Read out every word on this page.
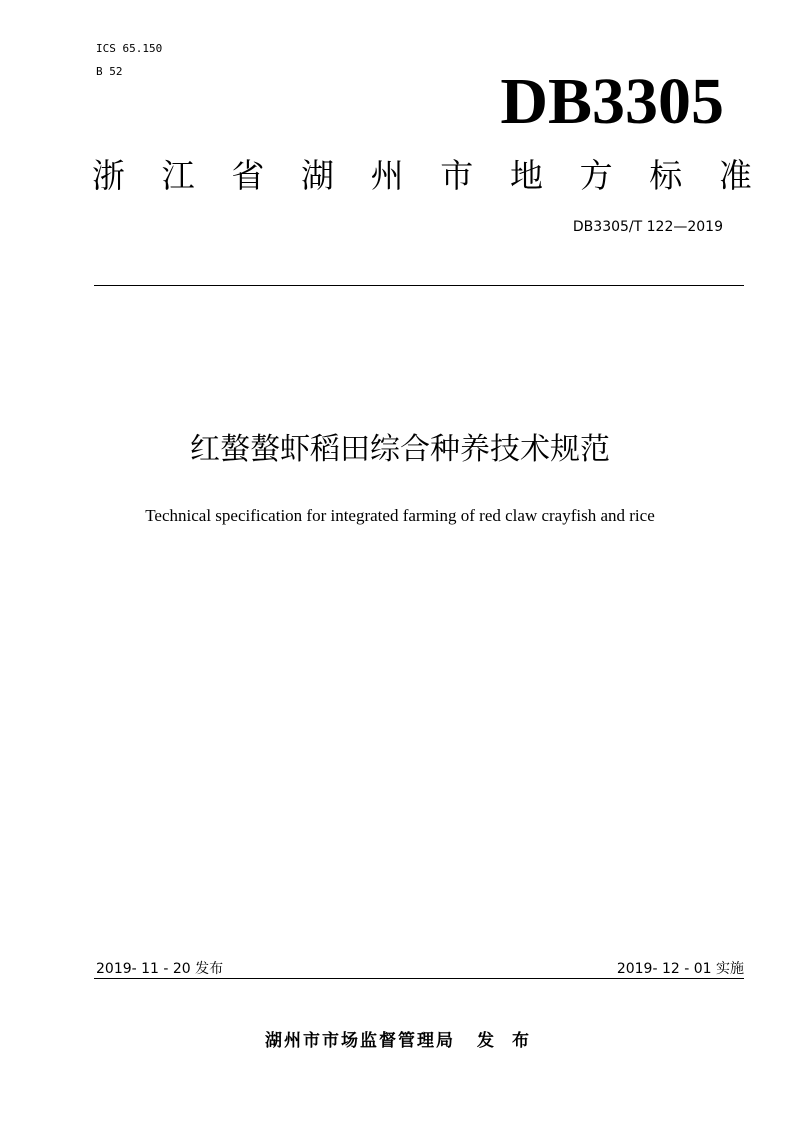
ICS 65.150
B 52	DB3305
浙 江 省 湖 州 市 地 方 标 准
DB3305/T 122—2019
红螯螯虾稻田综合种养技术规范
Technical specification for integrated farming of red claw crayfish and rice
2019- 11 - 20 发布	2019- 12 - 01 实施
湖州市市场监督管理局 发 布
